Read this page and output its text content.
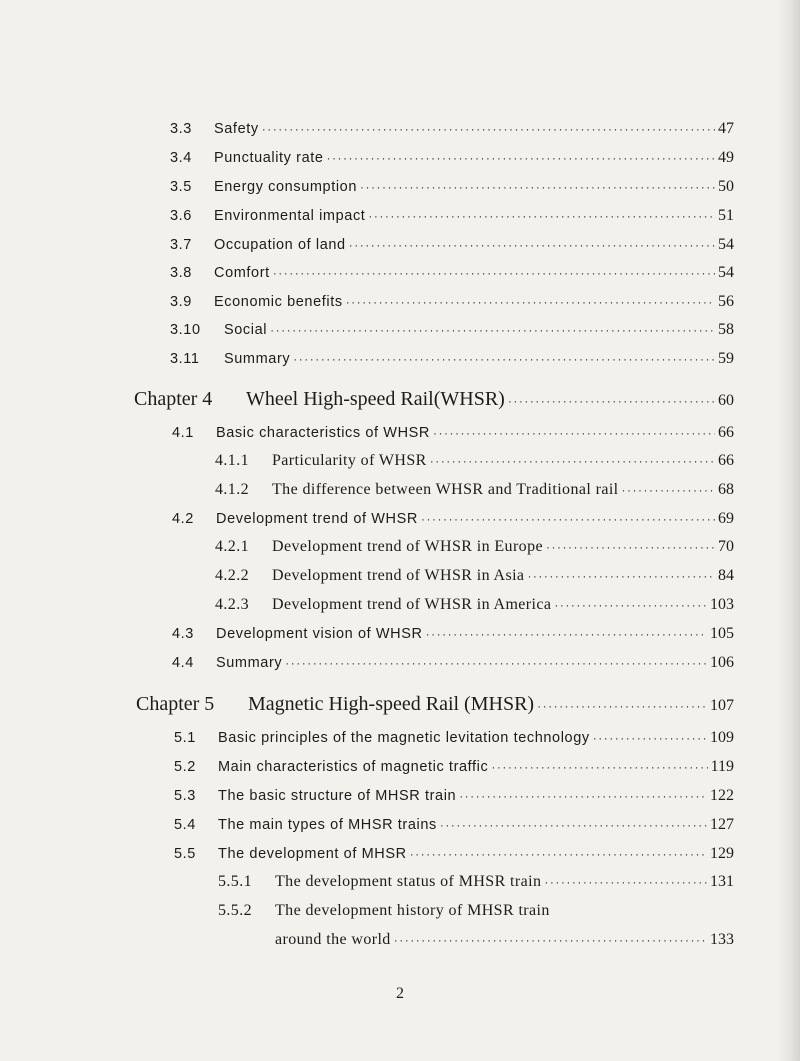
3.3	Safety ·····	47
3.4	Punctuality rate ·····	49
3.5	Energy consumption ·····	50
3.6	Environmental impact ·····	51
3.7	Occupation of land ·····	54
3.8	Comfort ·····	54
3.9	Economic benefits ·····	56
3.10	Social ·····	58
3.11	Summary ·····	59
Chapter 4	Wheel High-speed Rail(WHSR) ·····	60
4.1	Basic characteristics of WHSR ·····	66
4.1.1	Particularity of WHSR ·····	66
4.1.2	The difference between WHSR and Traditional rail ·····	68
4.2	Development trend of WHSR ·····	69
4.2.1	Development trend of WHSR in Europe ·····	70
4.2.2	Development trend of WHSR in Asia ·····	84
4.2.3	Development trend of WHSR in America ·····	103
4.3	Development vision of WHSR ·····	105
4.4	Summary ·····	106
Chapter 5	Magnetic High-speed Rail (MHSR) ·····	107
5.1	Basic principles of the magnetic levitation technology ·····	109
5.2	Main characteristics of magnetic traffic ·····	119
5.3	The basic structure of MHSR train ·····	122
5.4	The main types of MHSR trains ·····	127
5.5	The development of MHSR ·····	129
5.5.1	The development status of MHSR train ·····	131
5.5.2	The development history of MHSR train
around the world ·····	133
2
